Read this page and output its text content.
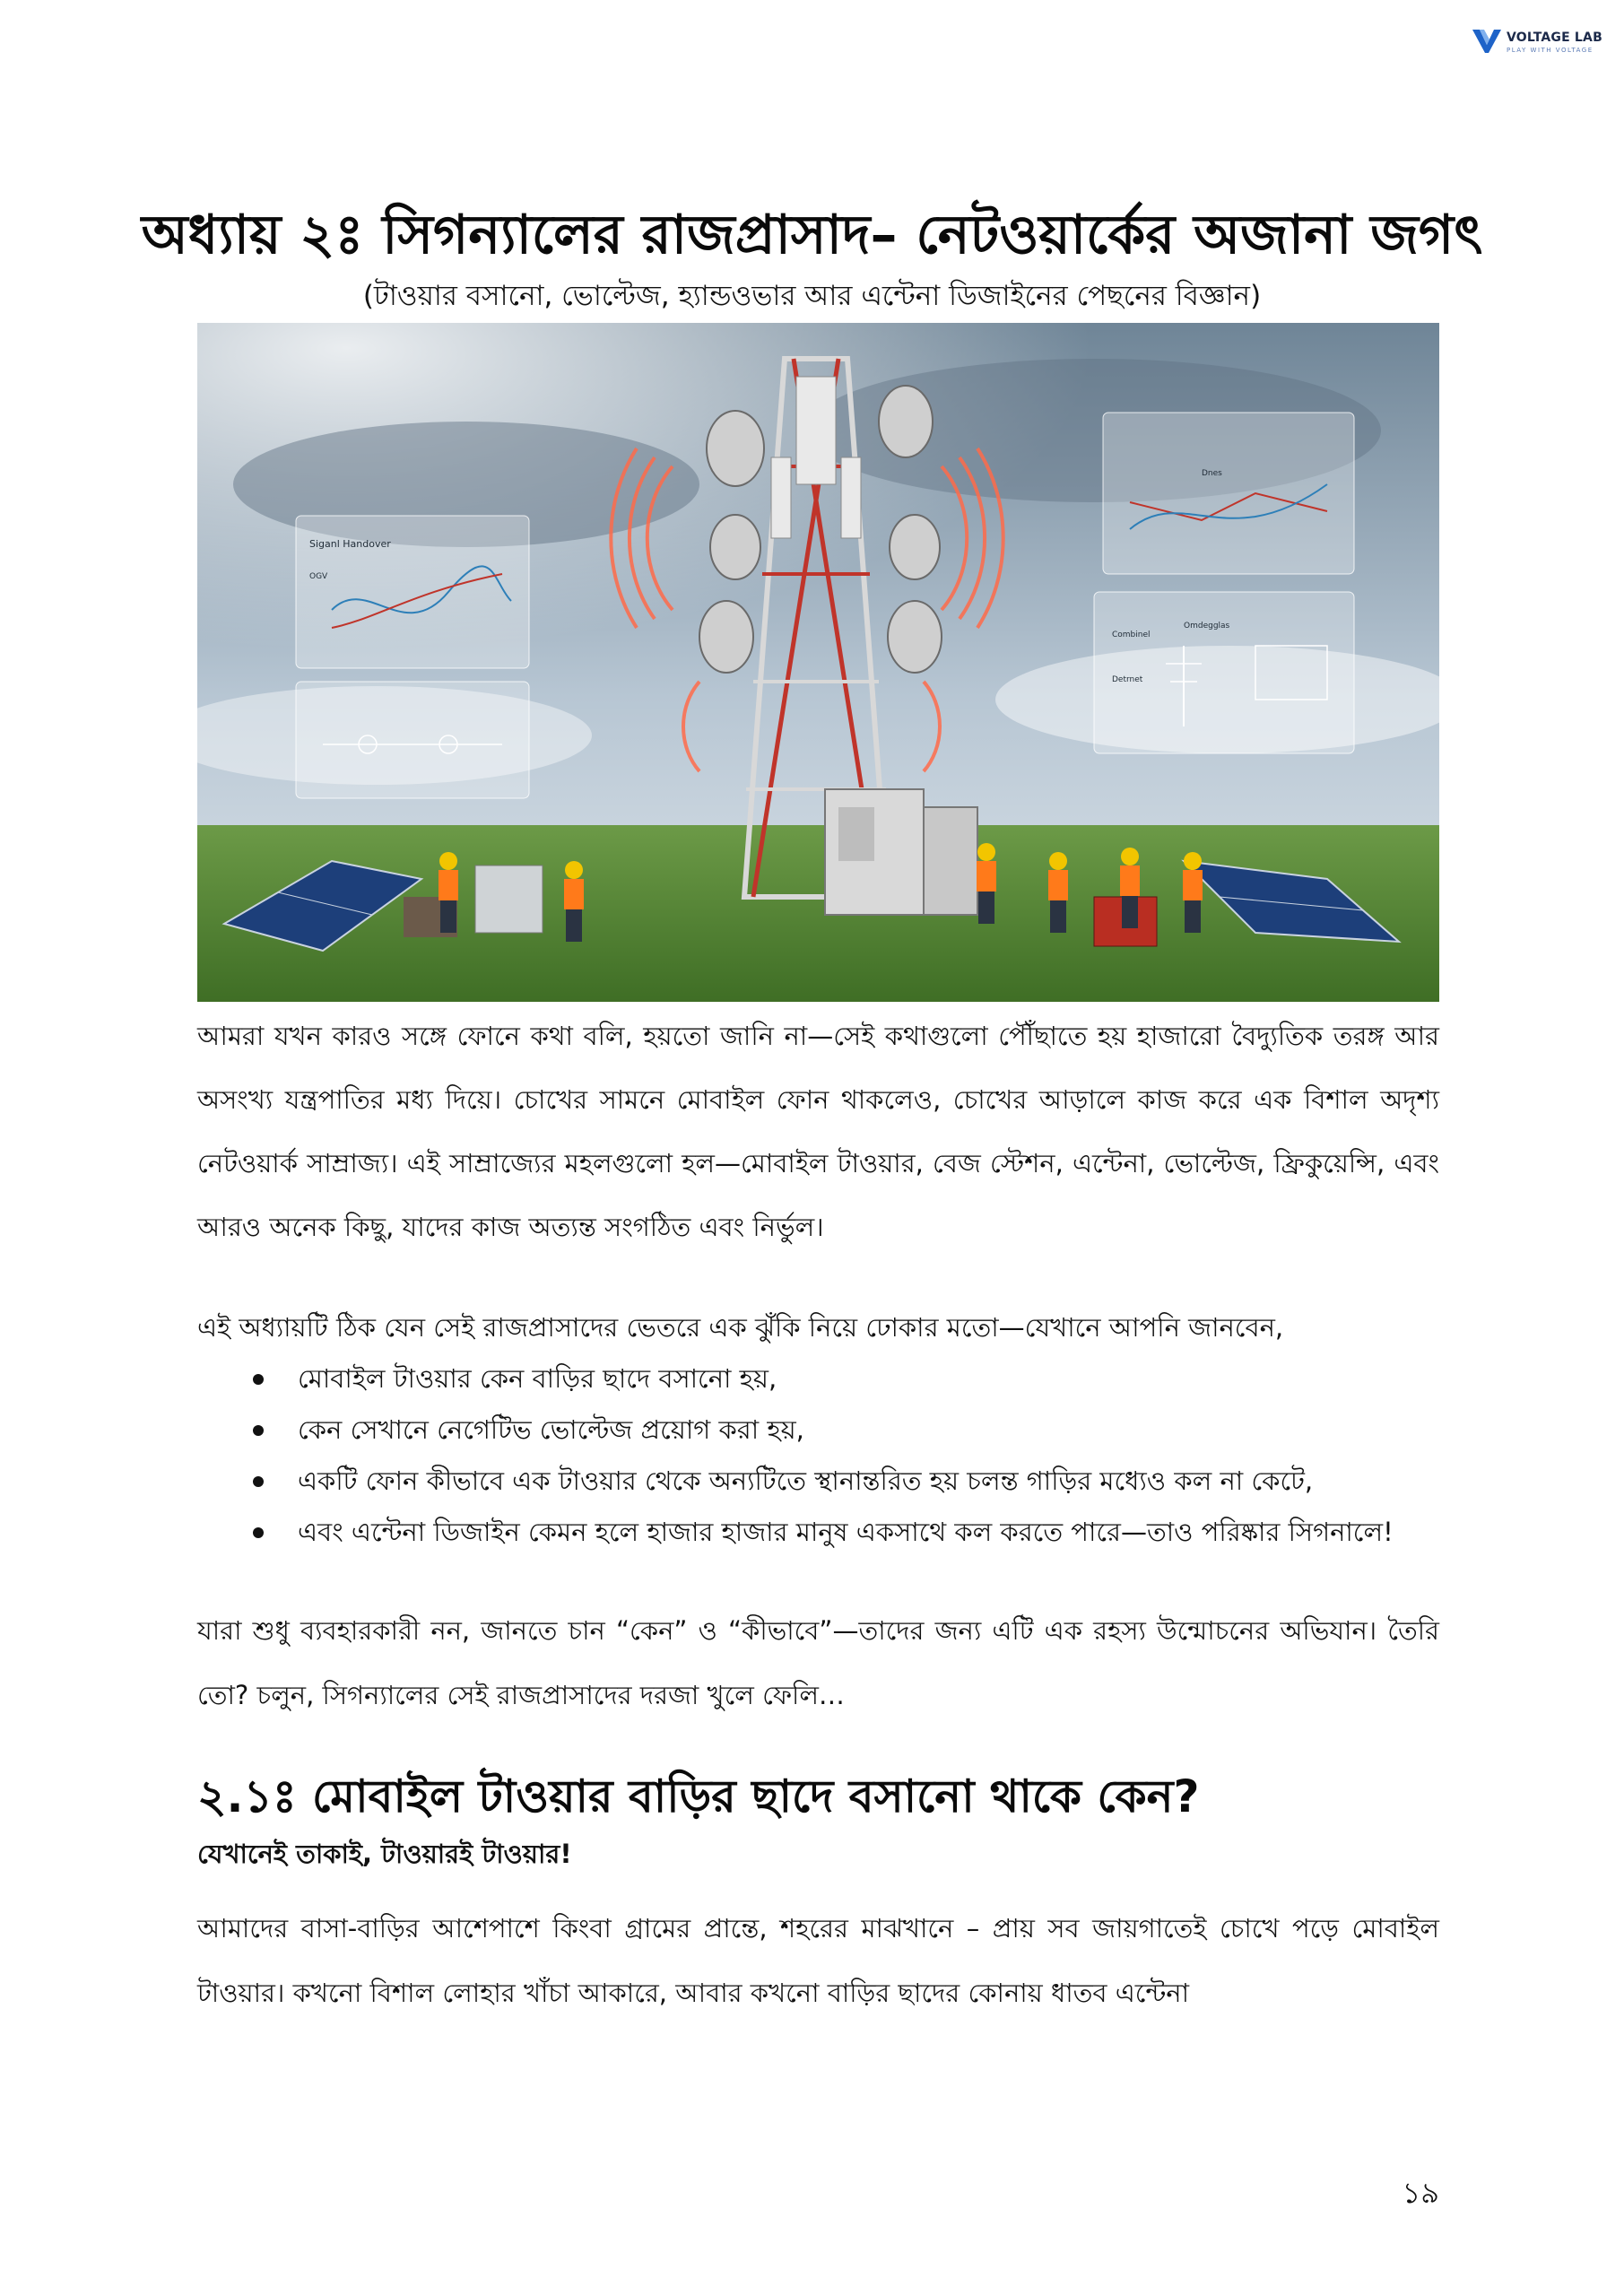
VOLTAGE LAB
PLAY WITH VOLTAGE
অধ্যায় ২ঃ সিগন্যালের রাজপ্রাসাদ– নেটওয়ার্কের অজানা জগৎ

(টাওয়ার বসানো, ভোল্টেজ, হ্যান্ডওভার আর এন্টেনা ডিজাইনের পেছনের বিজ্ঞান)

Siganl Handover
OGV
Dnes
Combinel
Omdegglas
Detrnet

আমরা যখন কারও সঙ্গে ফোনে কথা বলি, হয়তো জানি না—সেই কথাগুলো পৌঁছাতে হয় হাজারো বৈদ্যুতিক তরঙ্গ আর অসংখ্য যন্ত্রপাতির মধ্য দিয়ে। চোখের সামনে মোবাইল ফোন থাকলেও, চোখের আড়ালে কাজ করে এক বিশাল অদৃশ্য নেটওয়ার্ক সাম্রাজ্য। এই সাম্রাজ্যের মহলগুলো হল—মোবাইল টাওয়ার, বেজ স্টেশন, এন্টেনা, ভোল্টেজ, ফ্রিকুয়েন্সি, এবং আরও অনেক কিছু, যাদের কাজ অত্যন্ত সংগঠিত এবং নির্ভুল।

এই অধ্যায়টি ঠিক যেন সেই রাজপ্রাসাদের ভেতরে এক ঝুঁকি নিয়ে ঢোকার মতো—যেখানে আপনি জানবেন,

মোবাইল টাওয়ার কেন বাড়ির ছাদে বসানো হয়,
কেন সেখানে নেগেটিভ ভোল্টেজ প্রয়োগ করা হয়,
একটি ফোন কীভাবে এক টাওয়ার থেকে অন্যটিতে স্থানান্তরিত হয় চলন্ত গাড়ির মধ্যেও কল না কেটে,
এবং এন্টেনা ডিজাইন কেমন হলে হাজার হাজার মানুষ একসাথে কল করতে পারে—তাও পরিষ্কার সিগনালে!

যারা শুধু ব্যবহারকারী নন, জানতে চান “কেন” ও “কীভাবে”—তাদের জন্য এটি এক রহস্য উন্মোচনের অভিযান। তৈরি তো? চলুন, সিগন্যালের সেই রাজপ্রাসাদের দরজা খুলে ফেলি…

২.১ঃ মোবাইল টাওয়ার বাড়ির ছাদে বসানো থাকে কেন?

যেখানেই তাকাই, টাওয়ারই টাওয়ার!

আমাদের বাসা-বাড়ির আশেপাশে কিংবা গ্রামের প্রান্তে, শহরের মাঝখানে – প্রায় সব জায়গাতেই চোখে পড়ে মোবাইল টাওয়ার। কখনো বিশাল লোহার খাঁচা আকারে, আবার কখনো বাড়ির ছাদের কোনায় ধাতব এন্টেনা

১৯
